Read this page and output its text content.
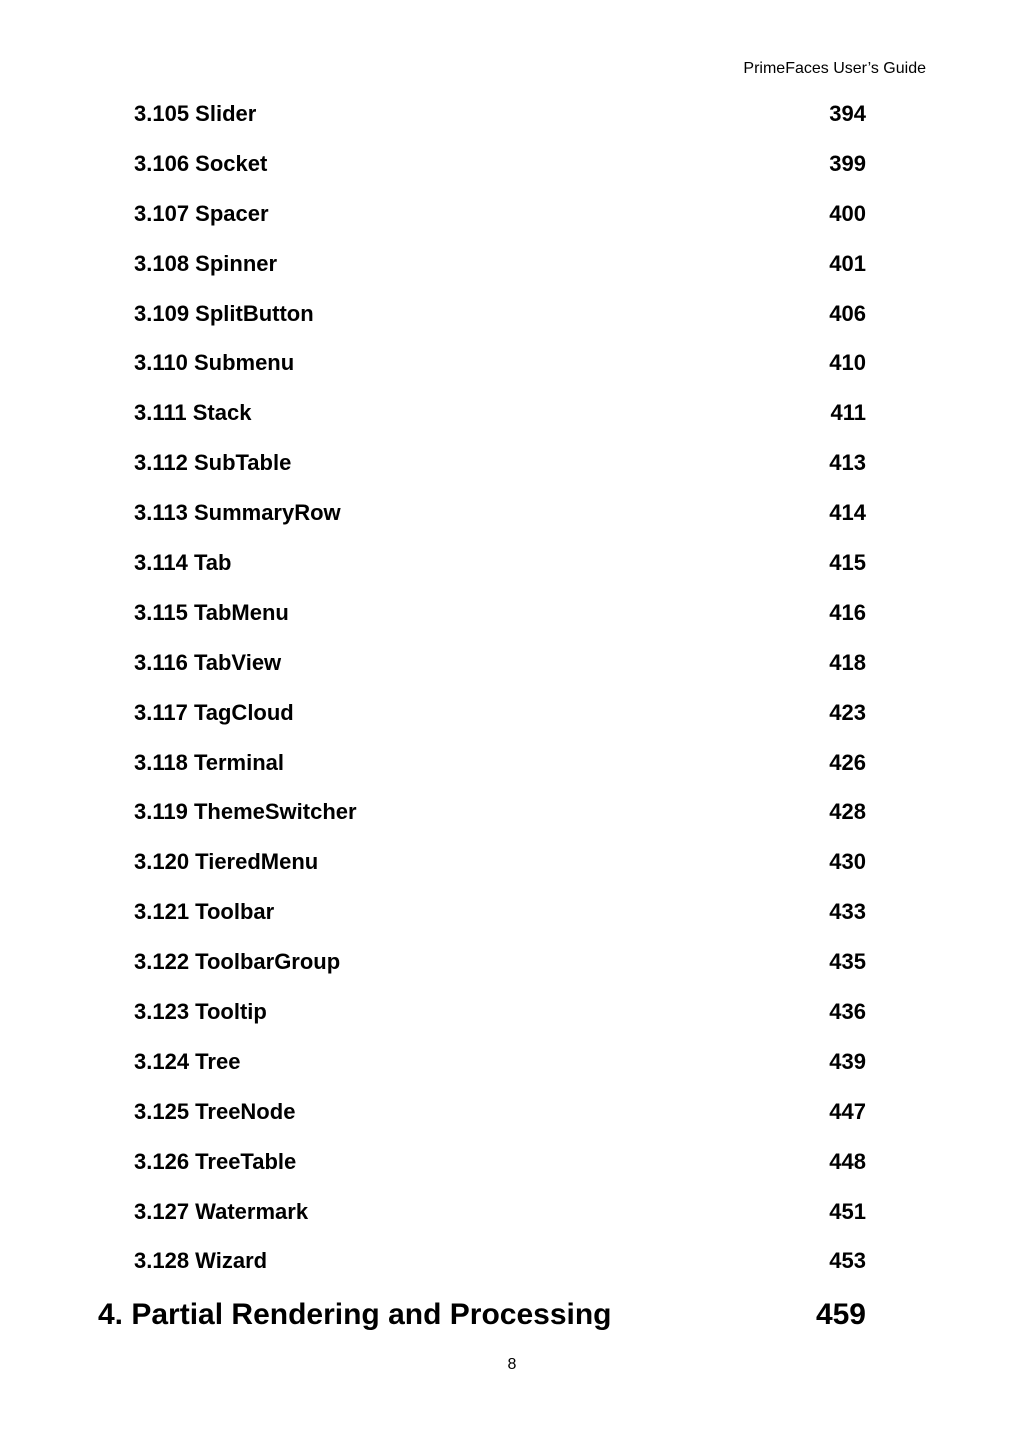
PrimeFaces User’s Guide
3.105 Slider	394
3.106 Socket	399
3.107 Spacer	400
3.108 Spinner	401
3.109 SplitButton	406
3.110 Submenu	410
3.111 Stack	411
3.112 SubTable	413
3.113 SummaryRow	414
3.114 Tab	415
3.115 TabMenu	416
3.116 TabView	418
3.117 TagCloud	423
3.118 Terminal	426
3.119 ThemeSwitcher	428
3.120 TieredMenu	430
3.121 Toolbar	433
3.122 ToolbarGroup	435
3.123 Tooltip	436
3.124 Tree	439
3.125 TreeNode	447
3.126 TreeTable	448
3.127 Watermark	451
3.128 Wizard	453
4. Partial Rendering and Processing	459
8
